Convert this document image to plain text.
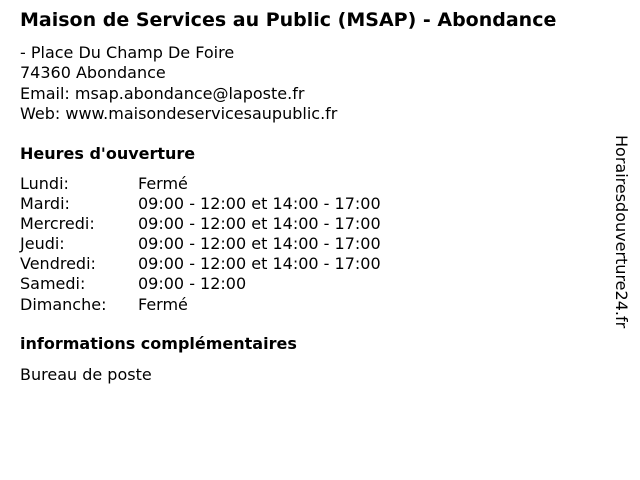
Maison de Services au Public (MSAP) - Abondance
- Place Du Champ De Foire
74360 Abondance
Email: msap.abondance@laposte.fr
Web: www.maisondeservicesaupublic.fr
Heures d'ouverture
Lundi:	Fermé
Mardi:	09:00 - 12:00 et 14:00 - 17:00
Mercredi:	09:00 - 12:00 et 14:00 - 17:00
Jeudi:	09:00 - 12:00 et 14:00 - 17:00
Vendredi:	09:00 - 12:00 et 14:00 - 17:00
Samedi:	09:00 - 12:00
Dimanche: Fermé
informations complémentaires
Bureau de poste
Horairesdouverture24.fr
